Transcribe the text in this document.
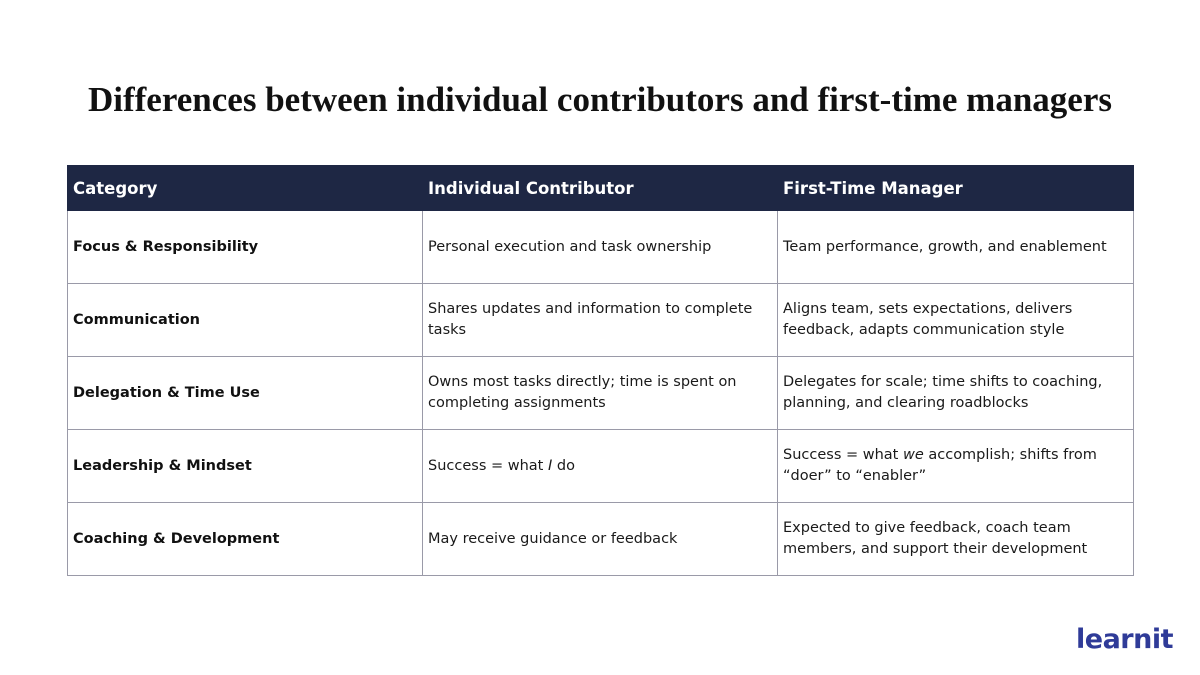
Differences between individual contributors and first-time managers
Category	Individual Contributor	First-Time Manager
Focus & Responsibility	Personal execution and task ownership	Team performance, growth, and enablement
Communication	Shares updates and information to complete tasks	Aligns team, sets expectations, delivers feedback, adapts communication style
Delegation & Time Use	Owns most tasks directly; time is spent on completing assignments	Delegates for scale; time shifts to coaching, planning, and clearing roadblocks
Leadership & Mindset	Success = what I do	Success = what we accomplish; shifts from “doer” to “enabler”
Coaching & Development	May receive guidance or feedback	Expected to give feedback, coach team members, and support their development
learnit
